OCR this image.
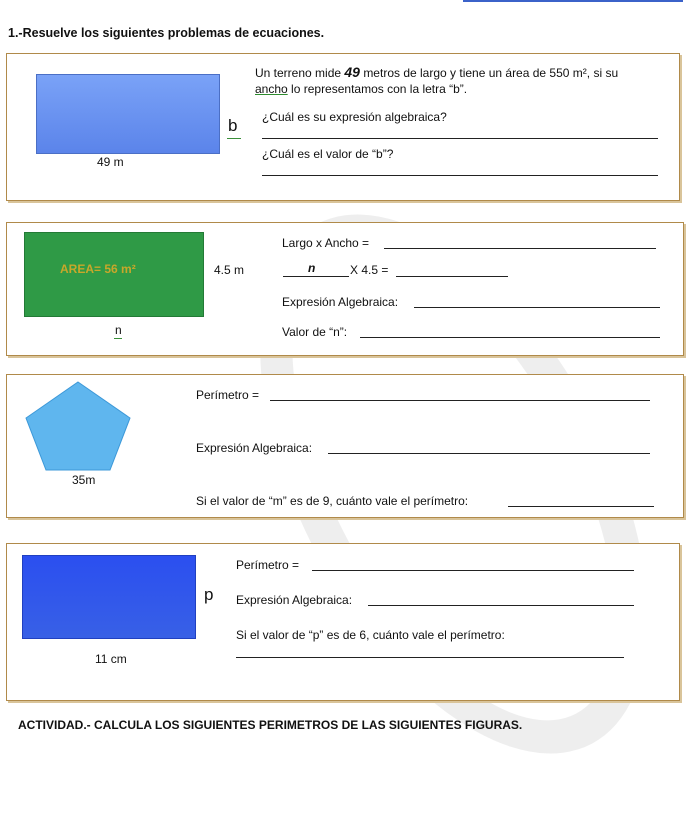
1.-Resuelve los siguientes problemas de ecuaciones.
b
49 m
Un terreno mide 49 metros de largo y tiene un área de 550 m², si su
ancho lo representamos con la letra “b”.
¿Cuál es su expresión algebraica?
¿Cuál es el valor de “b”?
AREA= 56 m²	4.5 m
n
Largo x Ancho =
n	X 4.5 =
Expresión Algebraica:
Valor de “n”:
35m
Perímetro =
Expresión Algebraica:
Si el valor de “m” es de 9, cuánto vale el perímetro:
p
11 cm
Perímetro =
Expresión Algebraica:
Si el valor de “p” es de 6, cuánto vale el perímetro:
ACTIVIDAD.- CALCULA LOS SIGUIENTES PERIMETROS DE LAS SIGUIENTES FIGURAS.
